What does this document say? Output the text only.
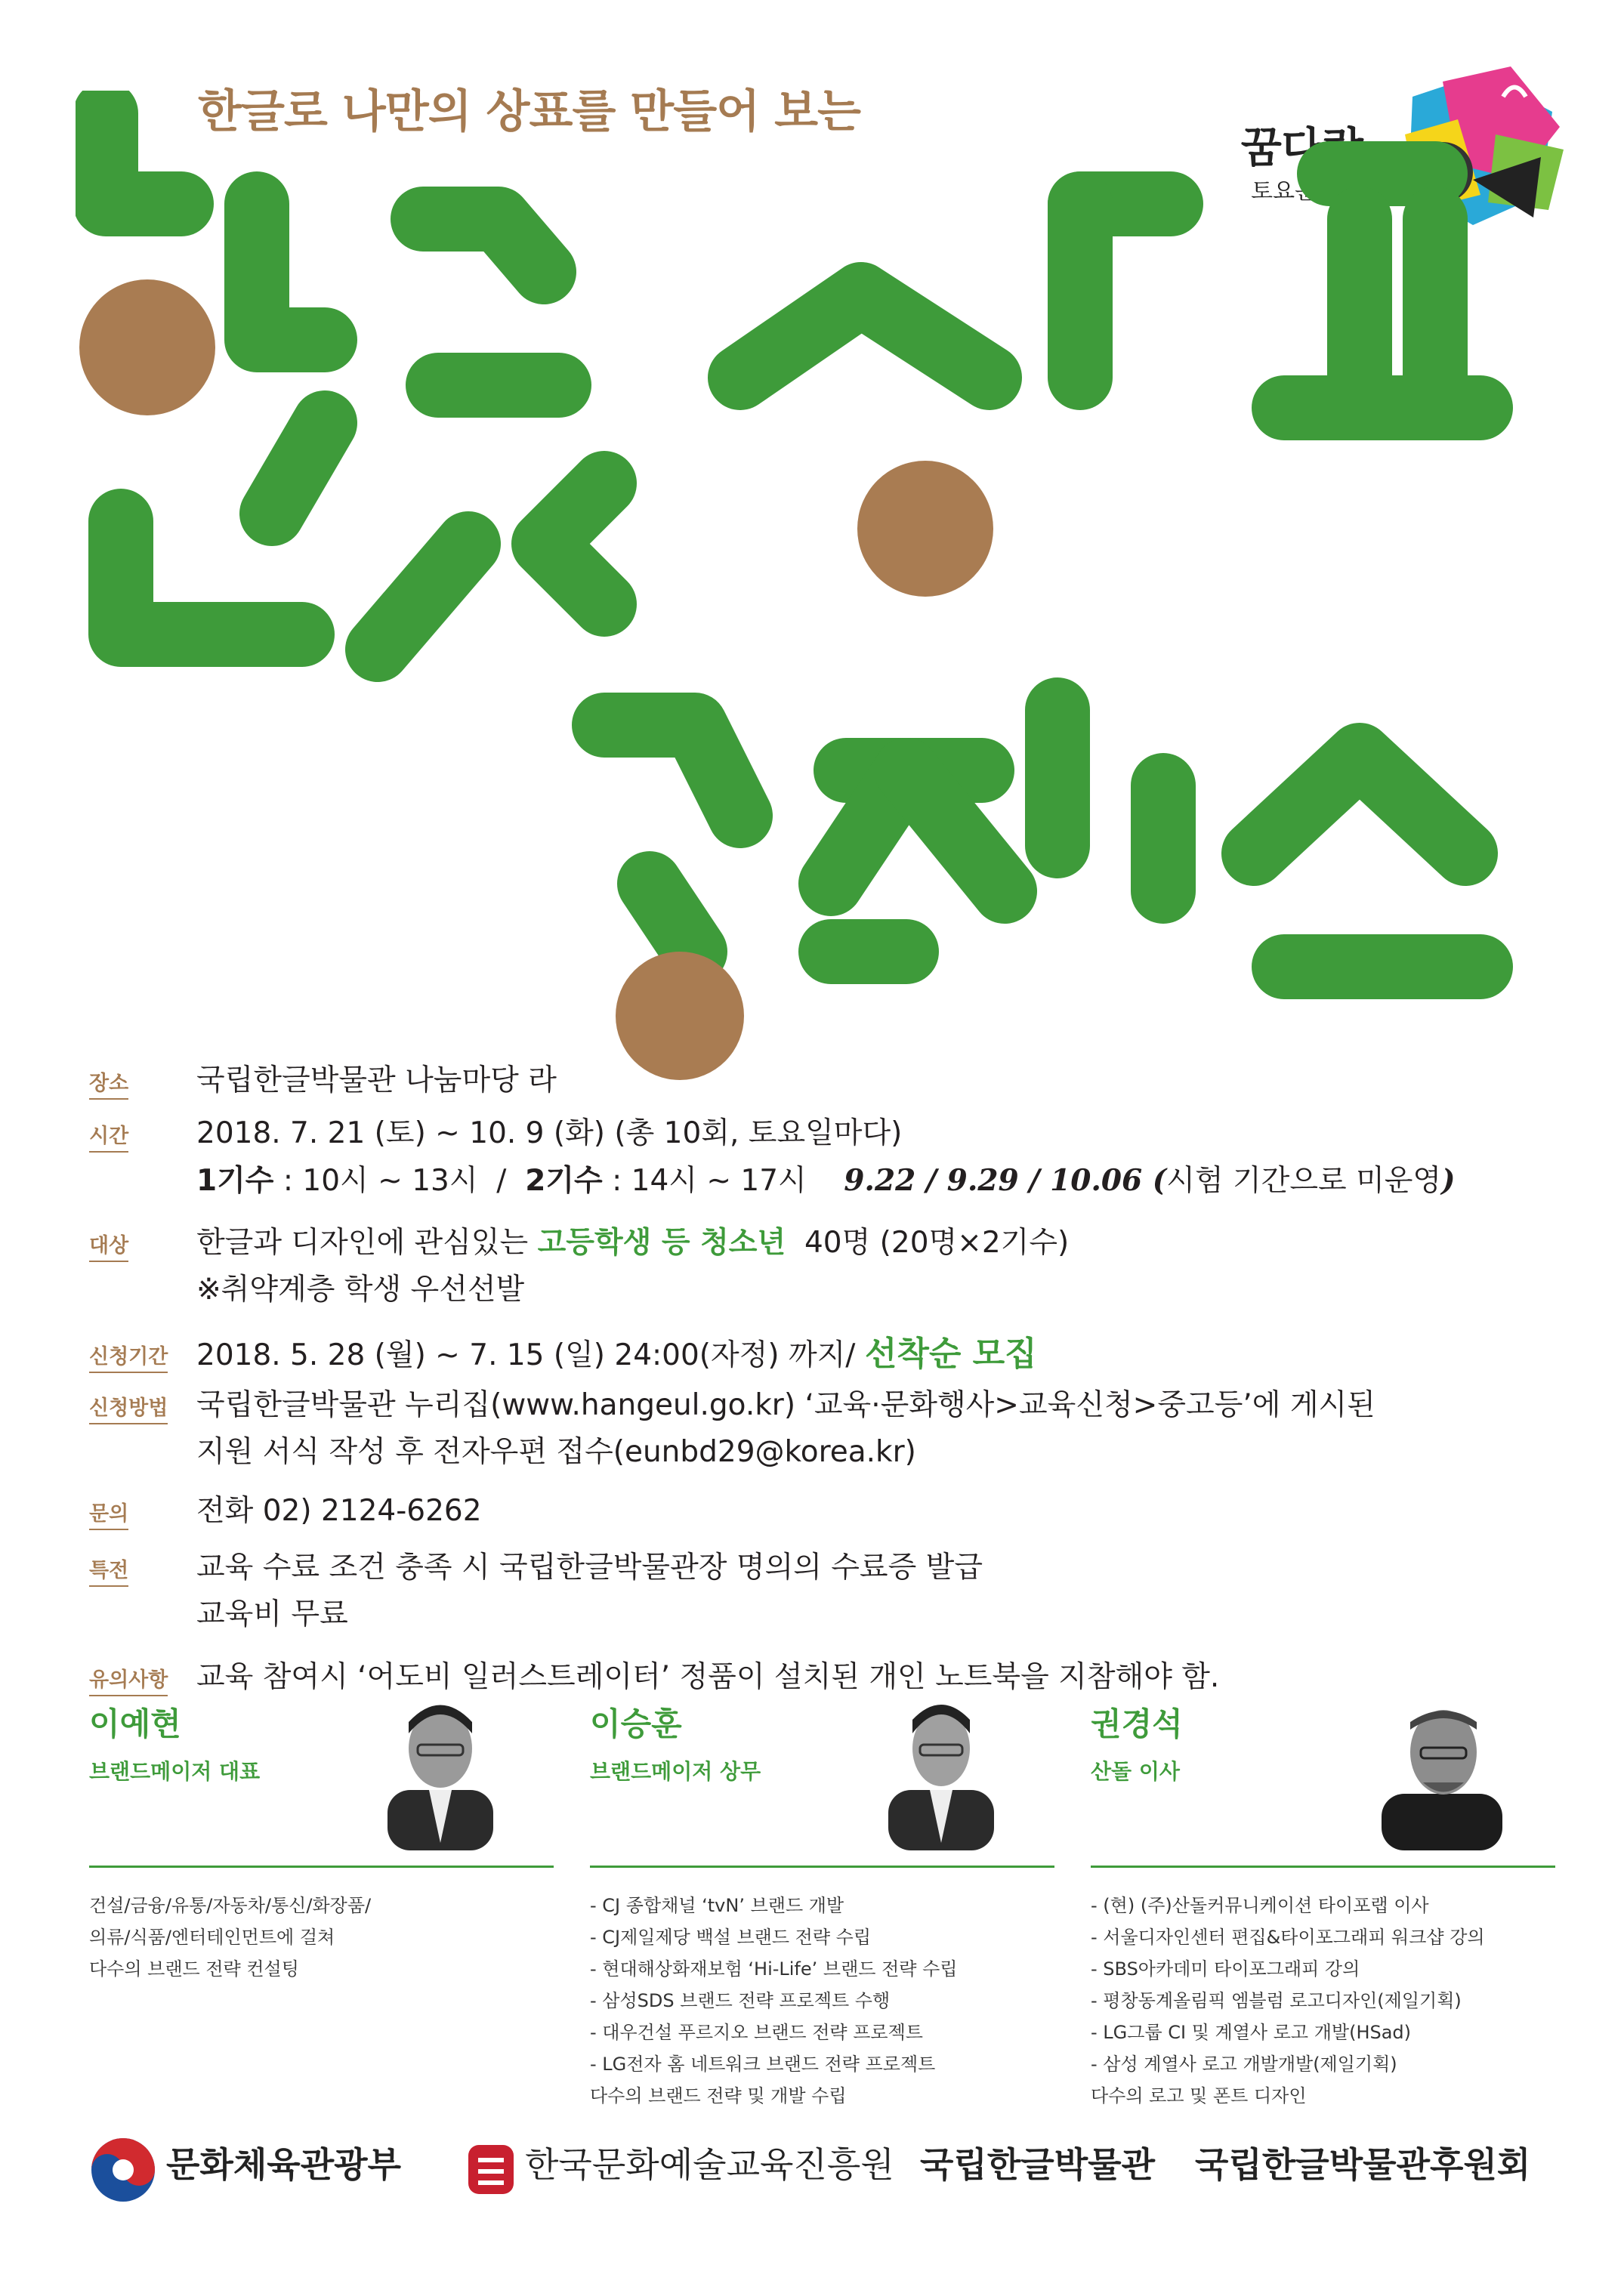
한글로 나만의 상표를 만들어 보는
꿈다락
토요문화학교
장소	국립한글박물관 나눔마당 라
시간	2018. 7. 21 (토) ~ 10. 9 (화) (총 10회, 토요일마다)
1기수 : 10시 ~ 13시  /  2기수 : 14시 ~ 17시    9.22 / 9.29 / 10.06 (시험 기간으로 미운영)
대상	한글과 디자인에 관심있는 고등학생 등 청소년  40명 (20명×2기수)
※취약계층 학생 우선선발
신청기간 2018. 5. 28 (월) ~ 7. 15 (일) 24:00(자정) 까지/ 선착순 모집
신청방법 국립한글박물관 누리집(www.hangeul.go.kr) ‘교육·문화행사>교육신청>중고등’에 게시된
지원 서식 작성 후 전자우편 접수(eunbd29@korea.kr)
문의	전화 02) 2124-6262
특전	교육 수료 조건 충족 시 국립한글박물관장 명의의 수료증 발급
교육비 무료
유의사항 교육 참여시 ‘어도비 일러스트레이터’ 정품이 설치된 개인 노트북을 지참해야 함.
이예현
브랜드메이저 대표
건설/금융/유통/자동차/통신/화장품/
의류/식품/엔터테인먼트에 걸쳐
다수의 브랜드 전략 컨설팅
이승훈
브랜드메이저 상무
- CJ 종합채널 ‘tvN’ 브랜드 개발
- CJ제일제당 백설 브랜드 전략 수립
- 현대해상화재보험 ‘Hi-Life’ 브랜드 전략 수립
- 삼성SDS 브랜드 전략 프로젝트 수행
- 대우건설 푸르지오 브랜드 전략 프로젝트
- LG전자 홈 네트워크 브랜드 전략 프로젝트
다수의 브랜드 전략 및 개발 수립
권경석
산돌 이사
- (현) (주)산돌커뮤니케이션 타이포랩 이사
- 서울디자인센터 편집&타이포그래피 워크샵 강의
- SBS아카데미 타이포그래피 강의
- 평창동계올림픽 엠블럼 로고디자인(제일기획)
- LG그룹 CI 및 계열사 로고 개발(HSad)
- 삼성 계열사 로고 개발개발(제일기획)
다수의 로고 및 폰트 디자인
문화체육관광부	한국문화예술교육진흥원 국립한글박물관 국립한글박물관후원회
